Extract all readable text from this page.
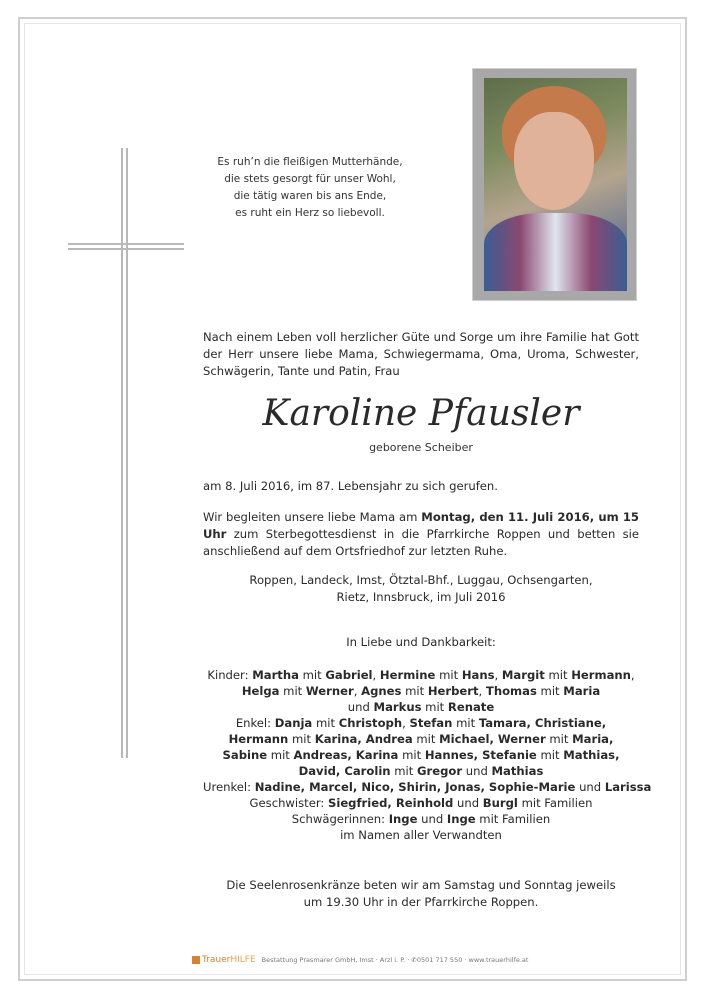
Es ruh’n die fleißigen Mutterhände,
die stets gesorgt für unser Wohl,
die tätig waren bis ans Ende,
es ruht ein Herz so liebevoll.
Nach einem Leben voll herzlicher Güte und Sorge um ihre Familie hat Gott der Herr unsere liebe Mama, Schwiegermama, Oma, Uroma, Schwester, Schwägerin, Tante und Patin, Frau
Karoline Pfausler
geborene Scheiber
am 8. Juli 2016, im 87. Lebensjahr zu sich gerufen.
Wir begleiten unsere liebe Mama am Montag, den 11. Juli 2016, um 15 Uhr zum Sterbegottesdienst in die Pfarrkirche Roppen und betten sie anschließend auf dem Ortsfriedhof zur letzten Ruhe.
Roppen, Landeck, Imst, Ötztal-Bhf., Luggau, Ochsengarten,
Rietz, Innsbruck, im Juli 2016
In Liebe und Dankbarkeit:
Kinder: Martha mit Gabriel, Hermine mit Hans, Margit mit Hermann,
Helga mit Werner, Agnes mit Herbert, Thomas mit Maria
und Markus mit Renate
Enkel: Danja mit Christoph, Stefan mit Tamara, Christiane,
Hermann mit Karina, Andrea mit Michael, Werner mit Maria,
Sabine mit Andreas, Karina mit Hannes, Stefanie mit Mathias,
David, Carolin mit Gregor und Mathias
Urenkel: Nadine, Marcel, Nico, Shirin, Jonas, Sophie-Marie und Larissa
Geschwister: Siegfried, Reinhold und Burgl mit Familien
Schwägerinnen: Inge und Inge mit Familien
im Namen aller Verwandten
Die Seelenrosenkränze beten wir am Samstag und Sonntag jeweils
um 19.30 Uhr in der Pfarrkirche Roppen.
TrauerHILFE Bestattung Prasmarer GmbH, Imst · Arzl i. P. · ✆0501 717 550 · www.trauerhilfe.at
